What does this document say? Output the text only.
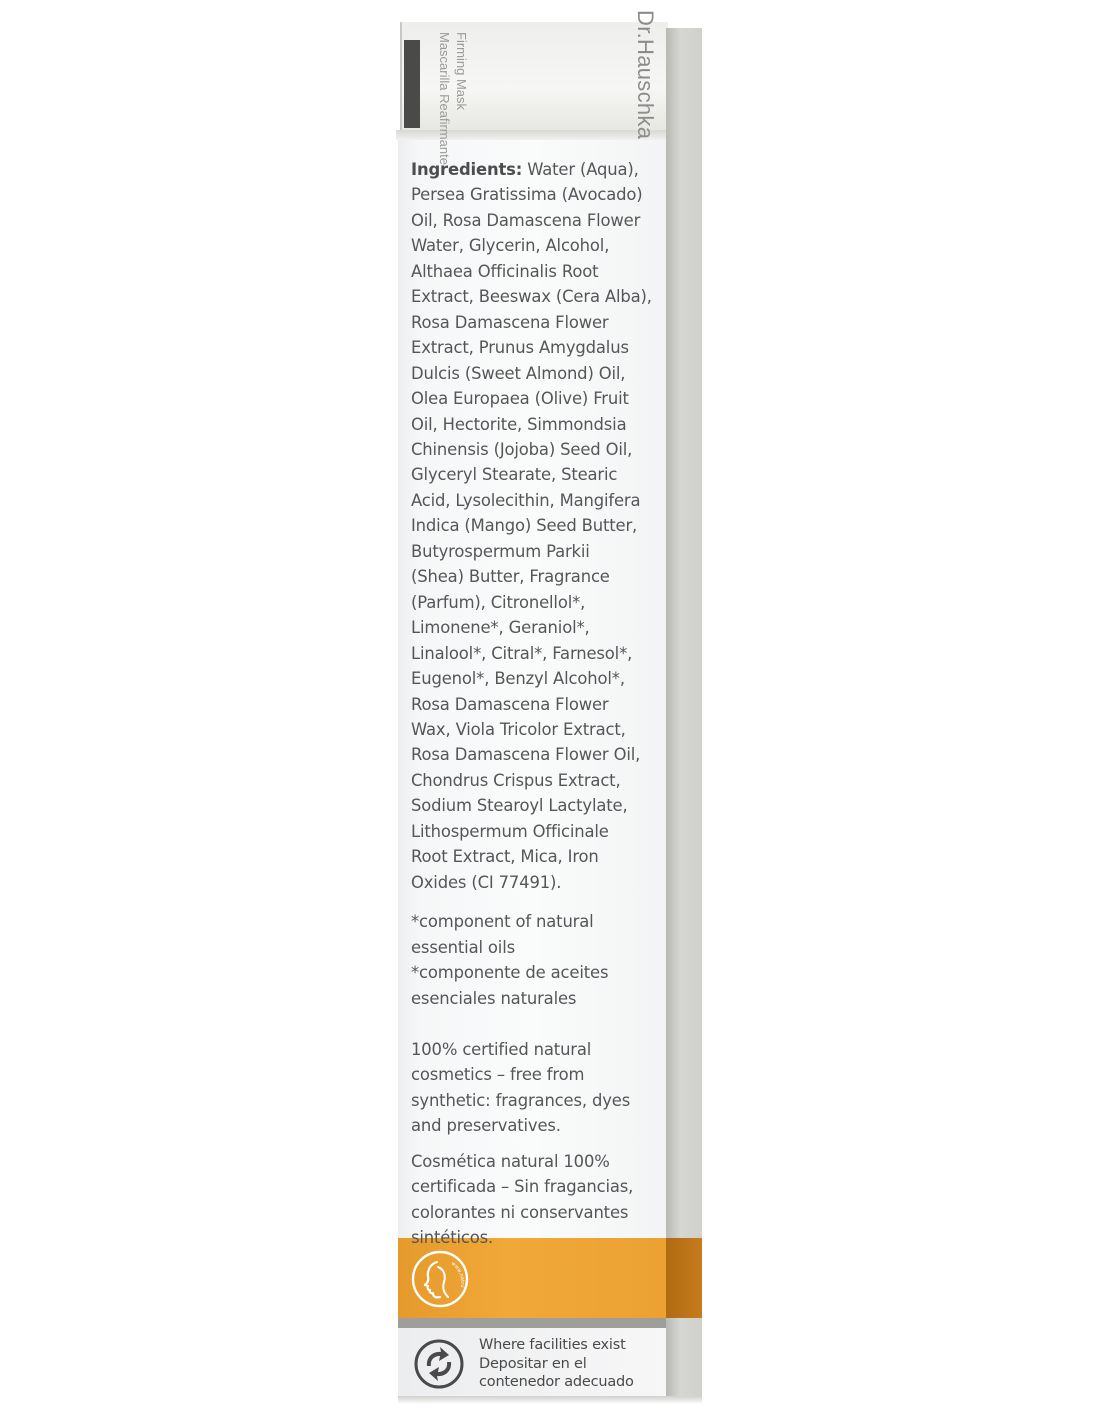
Dr.Hauschka
Firming Mask
Mascarilla Reafirmante

Ingredients: Water (Aqua),
Persea Gratissima (Avocado)
Oil, Rosa Damascena Flower
Water, Glycerin, Alcohol,
Althaea Officinalis Root
Extract, Beeswax (Cera Alba),
Rosa Damascena Flower
Extract, Prunus Amygdalus
Dulcis (Sweet Almond) Oil,
Olea Europaea (Olive) Fruit
Oil, Hectorite, Simmondsia
Chinensis (Jojoba) Seed Oil,
Glyceryl Stearate, Stearic
Acid, Lysolecithin, Mangifera
Indica (Mango) Seed Butter,
Butyrospermum Parkii
(Shea) Butter, Fragrance
(Parfum), Citronellol*,
Limonene*, Geraniol*,
Linalool*, Citral*, Farnesol*,
Eugenol*, Benzyl Alcohol*,
Rosa Damascena Flower
Wax, Viola Tricolor Extract,
Rosa Damascena Flower Oil,
Chondrus Crispus Extract,
Sodium Stearoyl Lactylate,
Lithospermum Officinale
Root Extract, Mica, Iron
Oxides (CI 77491).

*component of natural
essential oils
*componente de aceites
esenciales naturales

100% certified natural
cosmetics – free from
synthetic: fragrances, dyes
and preservatives.

Cosmética natural 100%
certificada – Sin fragancias,
colorantes ni conservantes
sintéticos.

www.natru
Where facilities exist
Depositar en el
contenedor adecuado
